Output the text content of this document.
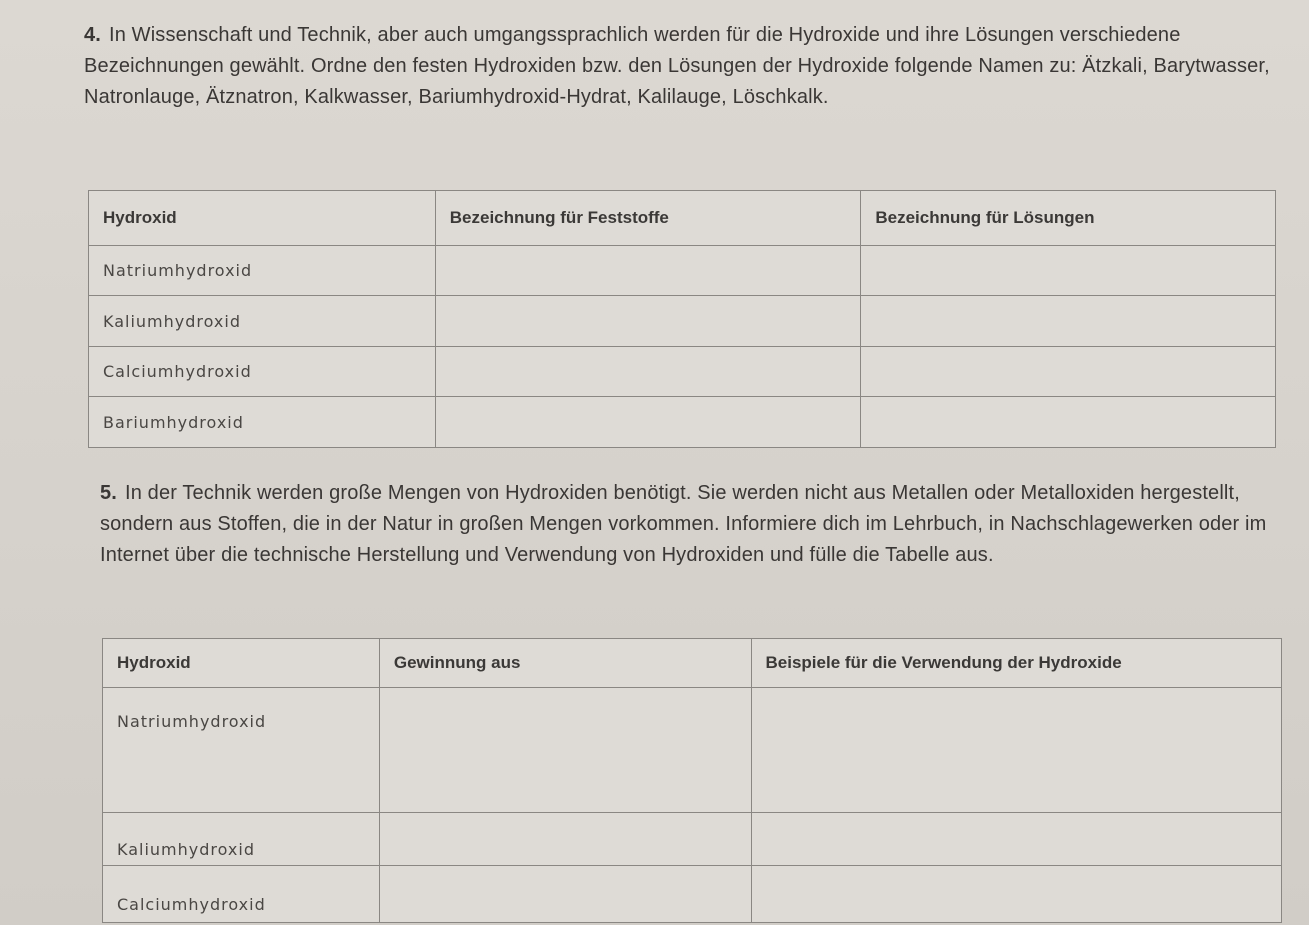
4. In Wissenschaft und Technik, aber auch umgangssprachlich werden für die Hydroxide und ihre Lösungen verschiedene Bezeichnungen gewählt. Ordne den festen Hydroxiden bzw. den Lösungen der Hydroxide folgende Namen zu: Ätzkali, Barytwasser, Natronlauge, Ätznatron, Kalkwasser, Bariumhydroxid-Hydrat, Kalilauge, Löschkalk.
Hydroxid	Bezeichnung für Feststoffe	Bezeichnung für Lösungen
Natriumhydroxid		
Kaliumhydroxid		
Calciumhydroxid		
Bariumhydroxid		
5. In der Technik werden große Mengen von Hydroxiden benötigt. Sie werden nicht aus Metallen oder Metalloxiden hergestellt, sondern aus Stoffen, die in der Natur in großen Mengen vorkommen. Informiere dich im Lehrbuch, in Nachschlagewerken oder im Internet über die technische Herstellung und Verwendung von Hydroxiden und fülle die Tabelle aus.
Hydroxid	Gewinnung aus	Beispiele für die Verwendung der Hydroxide
Natriumhydroxid		
Kaliumhydroxid		
Calciumhydroxid		
